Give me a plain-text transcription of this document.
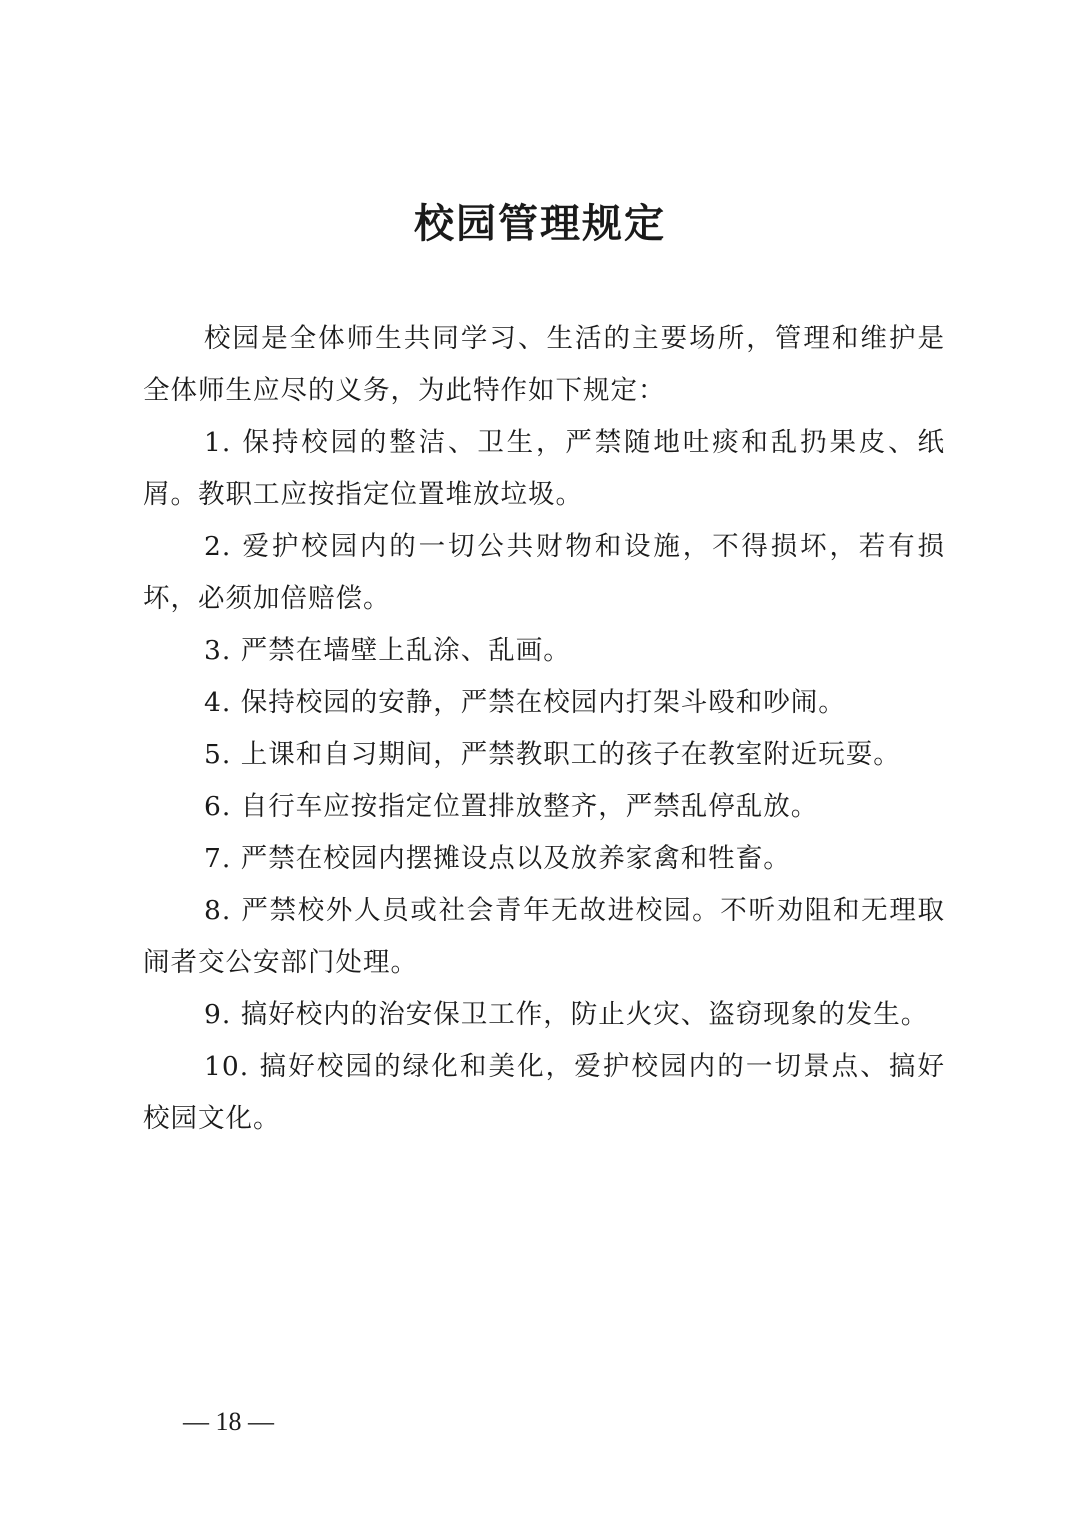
校园管理规定

校园是全体师生共同学习、生活的主要场所，管理和维护是全体师生应尽的义务，为此特作如下规定：

1. 保持校园的整洁、卫生，严禁随地吐痰和乱扔果皮、纸屑。教职工应按指定位置堆放垃圾。

2. 爱护校园内的一切公共财物和设施，不得损坏，若有损坏，必须加倍赔偿。

3. 严禁在墙壁上乱涂、乱画。

4. 保持校园的安静，严禁在校园内打架斗殴和吵闹。

5. 上课和自习期间，严禁教职工的孩子在教室附近玩耍。

6. 自行车应按指定位置排放整齐，严禁乱停乱放。

7. 严禁在校园内摆摊设点以及放养家禽和牲畜。

8. 严禁校外人员或社会青年无故进校园。不听劝阻和无理取闹者交公安部门处理。

9. 搞好校内的治安保卫工作，防止火灾、盗窃现象的发生。

10. 搞好校园的绿化和美化，爱护校园内的一切景点、搞好校园文化。

— 18 —
